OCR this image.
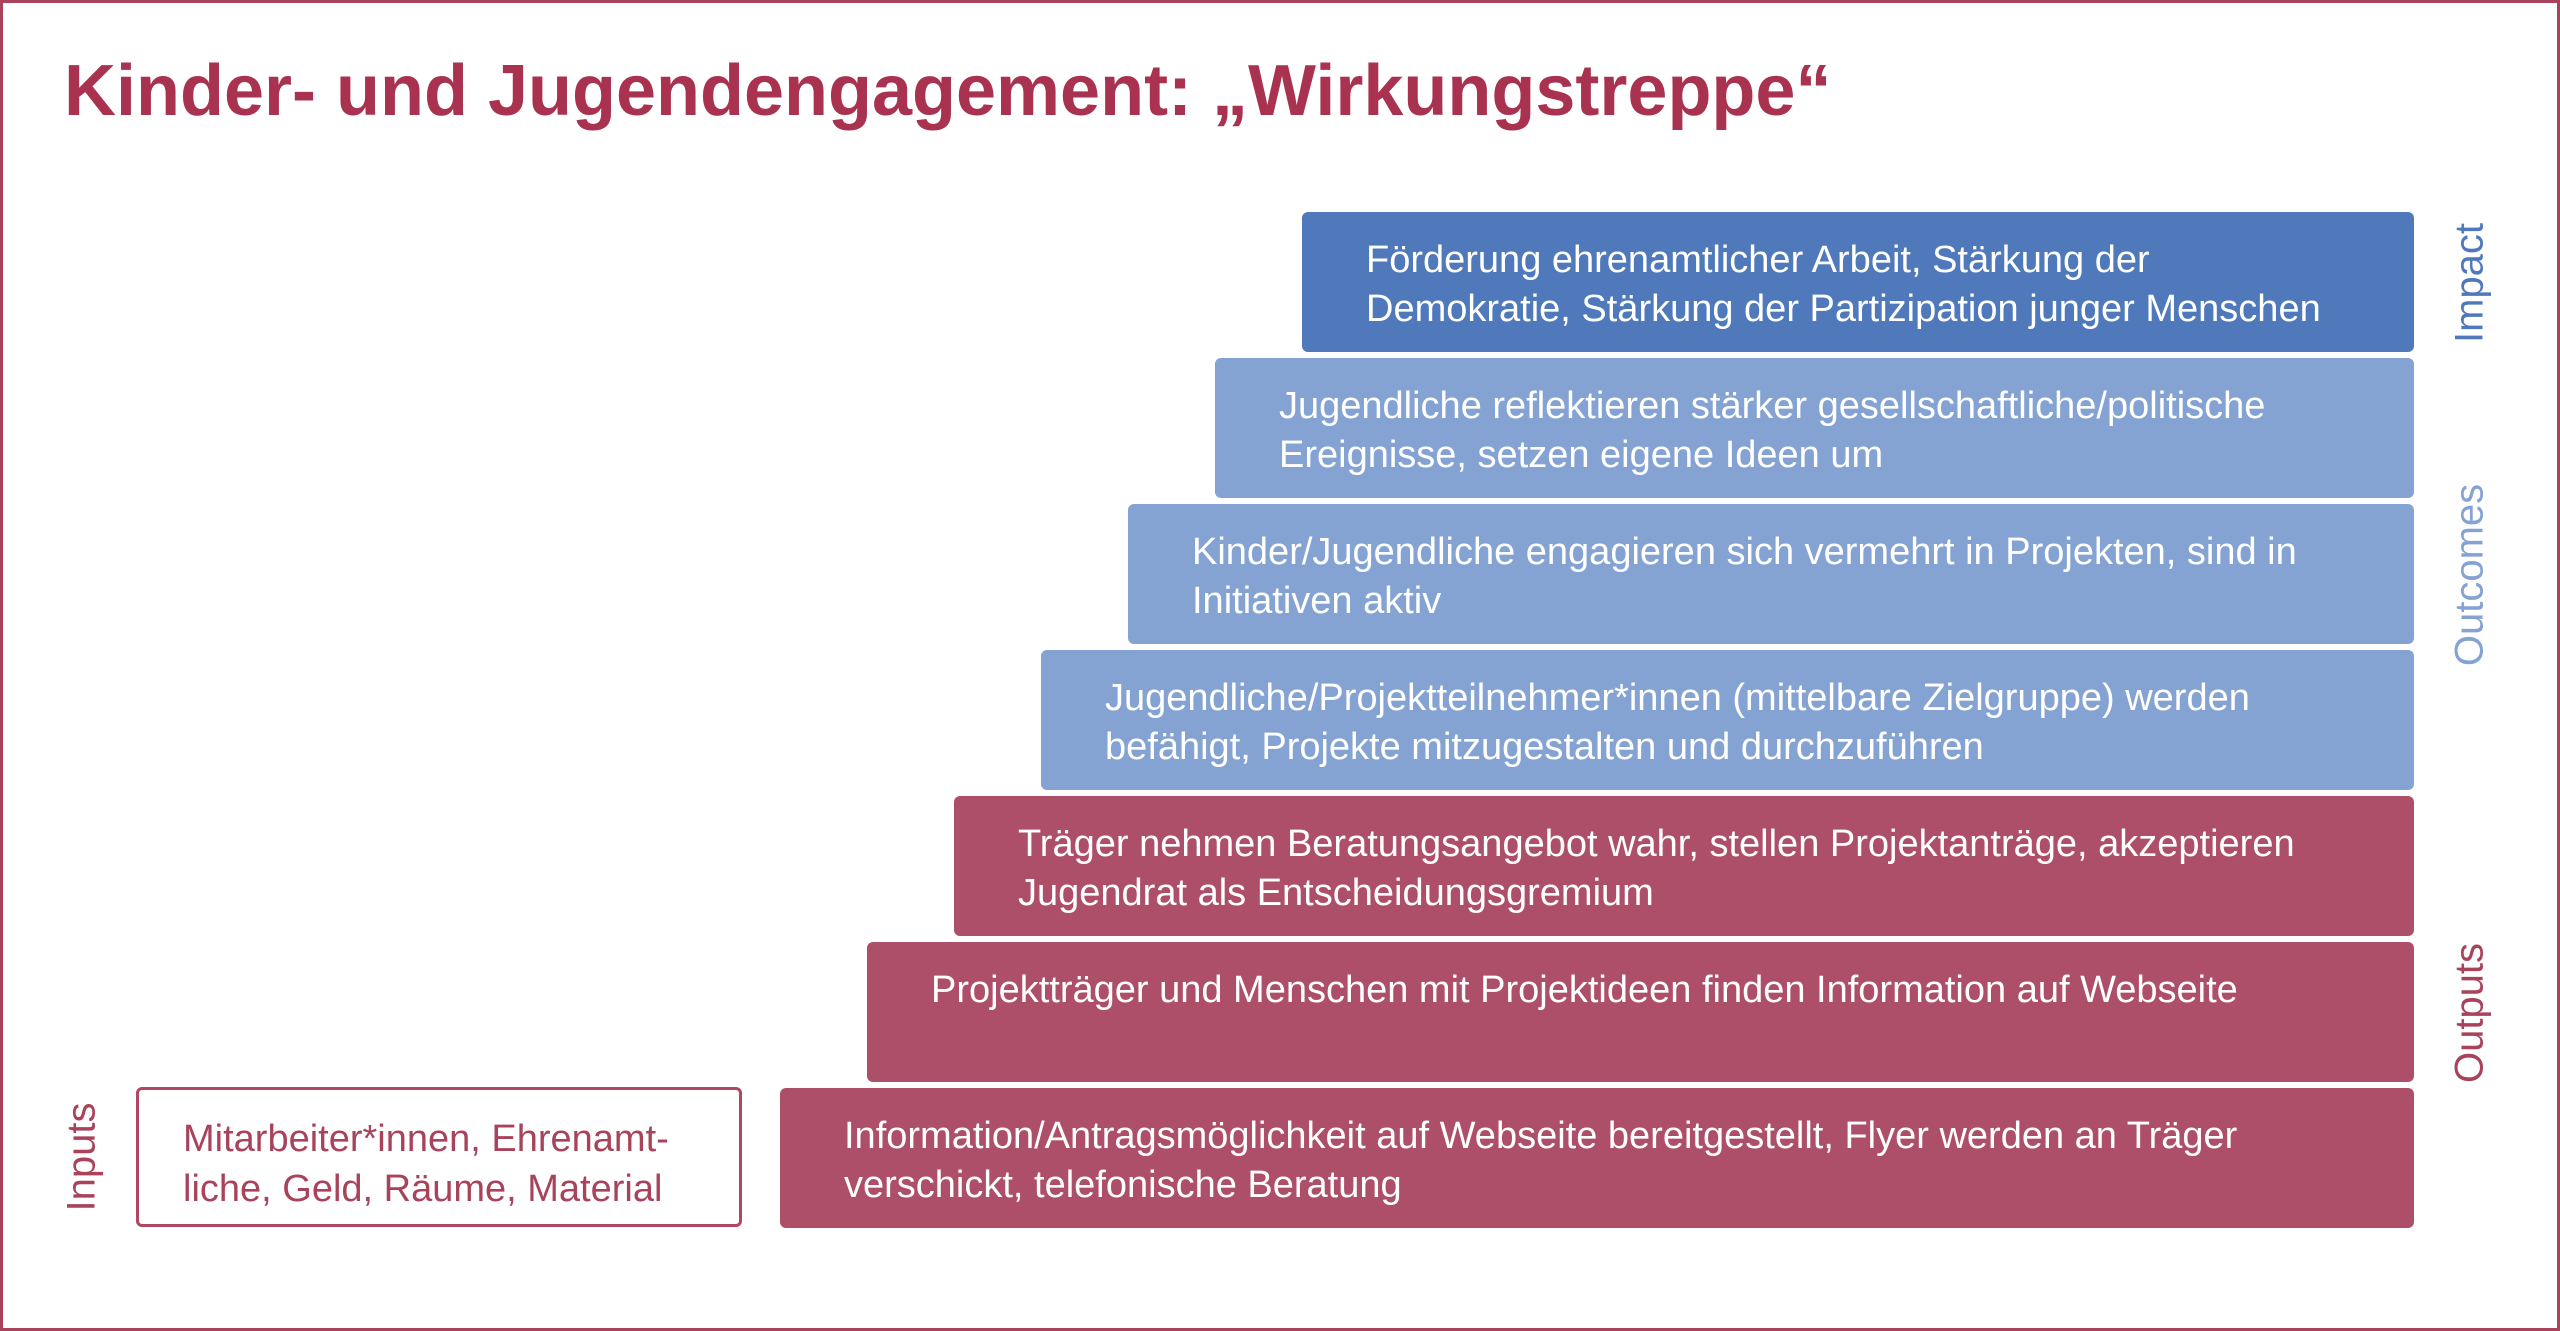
Kinder- und Jugendengagement: „Wirkungstreppe“
Förderung ehrenamtlicher Arbeit, Stärkung der
Demokratie, Stärkung der Partizipation junger Menschen
Jugendliche reflektieren stärker gesellschaftliche/politische
Ereignisse, setzen eigene Ideen um
Kinder/Jugendliche engagieren sich vermehrt in Projekten, sind in
Initiativen aktiv
Jugendliche/Projektteilnehmer*innen (mittelbare Zielgruppe) werden
befähigt, Projekte mitzugestalten und durchzuführen
Träger nehmen Beratungsangebot wahr, stellen Projektanträge, akzeptieren
Jugendrat als Entscheidungsgremium
Projektträger und Menschen mit Projektideen finden Information auf Webseite
Information/Antragsmöglichkeit auf Webseite bereitgestellt, Flyer werden an Träger
verschickt, telefonische Beratung
Mitarbeiter*innen, Ehrenamt-
liche, Geld, Räume, Material
Impact
Outcomes
Outputs
Inputs
